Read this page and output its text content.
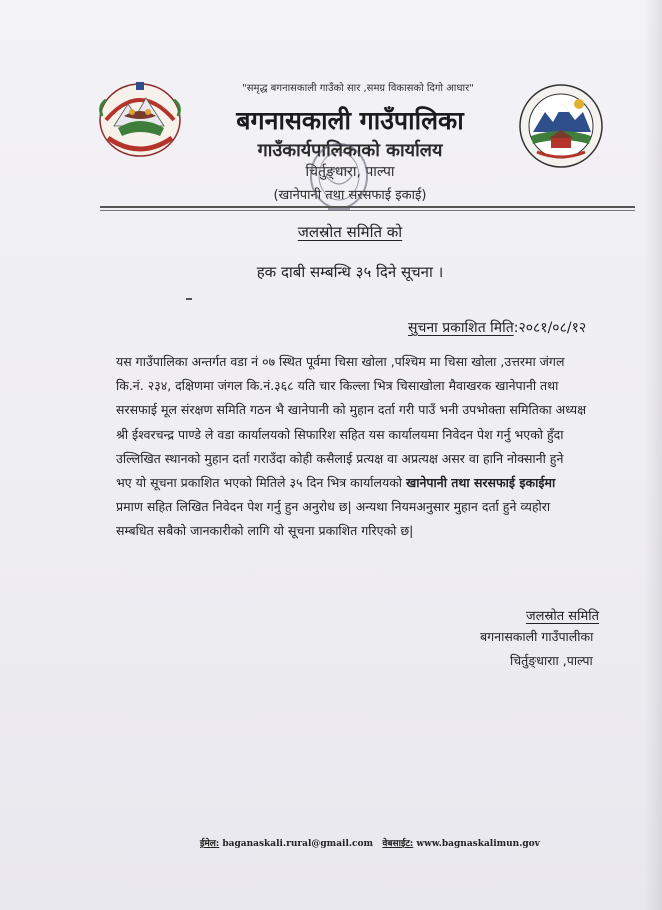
"समृद्ध बगनासकाली गाउँको सार ,समग्र विकासको दिगो आधार"
बगनासकाली गाउँपालिका
गाउँकार्यपालिकाको कार्यालय
चिर्तुङ्धारा, पाल्पा
(खानेपानी तथा सरसफाई इकाई)
जलस्रोत समिति को
हक दाबी सम्बन्धि ३५ दिने सूचना ।
सुचना प्रकाशित मिति:२०८१/०८/१२
यस गाउँपालिका अन्तर्गत वडा नं ०७ स्थित पूर्वमा चिसा खोला ,पश्चिम मा चिसा खोला ,उत्तरमा जंगल
कि.नं. २३४, दक्षिणमा जंगल कि.नं.३६८ यति चार किल्ला भित्र चिसाखोला मैवाखरक खानेपानी तथा
सरसफाई मूल संरक्षण समिति गठन भै खानेपानी को मुहान दर्ता गरी पाउँ भनी उपभोक्ता समितिका अध्यक्ष
श्री ईश्वरचन्द्र पाण्डे ले वडा कार्यालयको सिफारिश सहित यस कार्यालयमा निवेदन पेश गर्नु भएको हुँदा
उल्लिखित स्थानको मुहान दर्ता गराउँदा कोही कसैलाई प्रत्यक्ष वा अप्रत्यक्ष असर वा हानि नोक्सानी हुने
भए यो सूचना प्रकाशित भएको मितिले ३५ दिन भित्र कार्यालयको खानेपानी तथा सरसफाई इकाईमा
प्रमाण सहित लिखित निवेदन पेश गर्नु हुन अनुरोध छ| अन्यथा नियमअनुसार मुहान दर्ता हुने व्यहोरा
सम्बधित सबैको जानकारीको लागि यो सूचना प्रकाशित गरिएको छ|
जलस्रोत समिति
बगनासकाली गाउँपालीका
चिर्तुङ्धाराा ,पाल्पा
ईमेल: baganaskali.rural@gmail.com वेबसाईट: www.bagnaskalimun.gov
